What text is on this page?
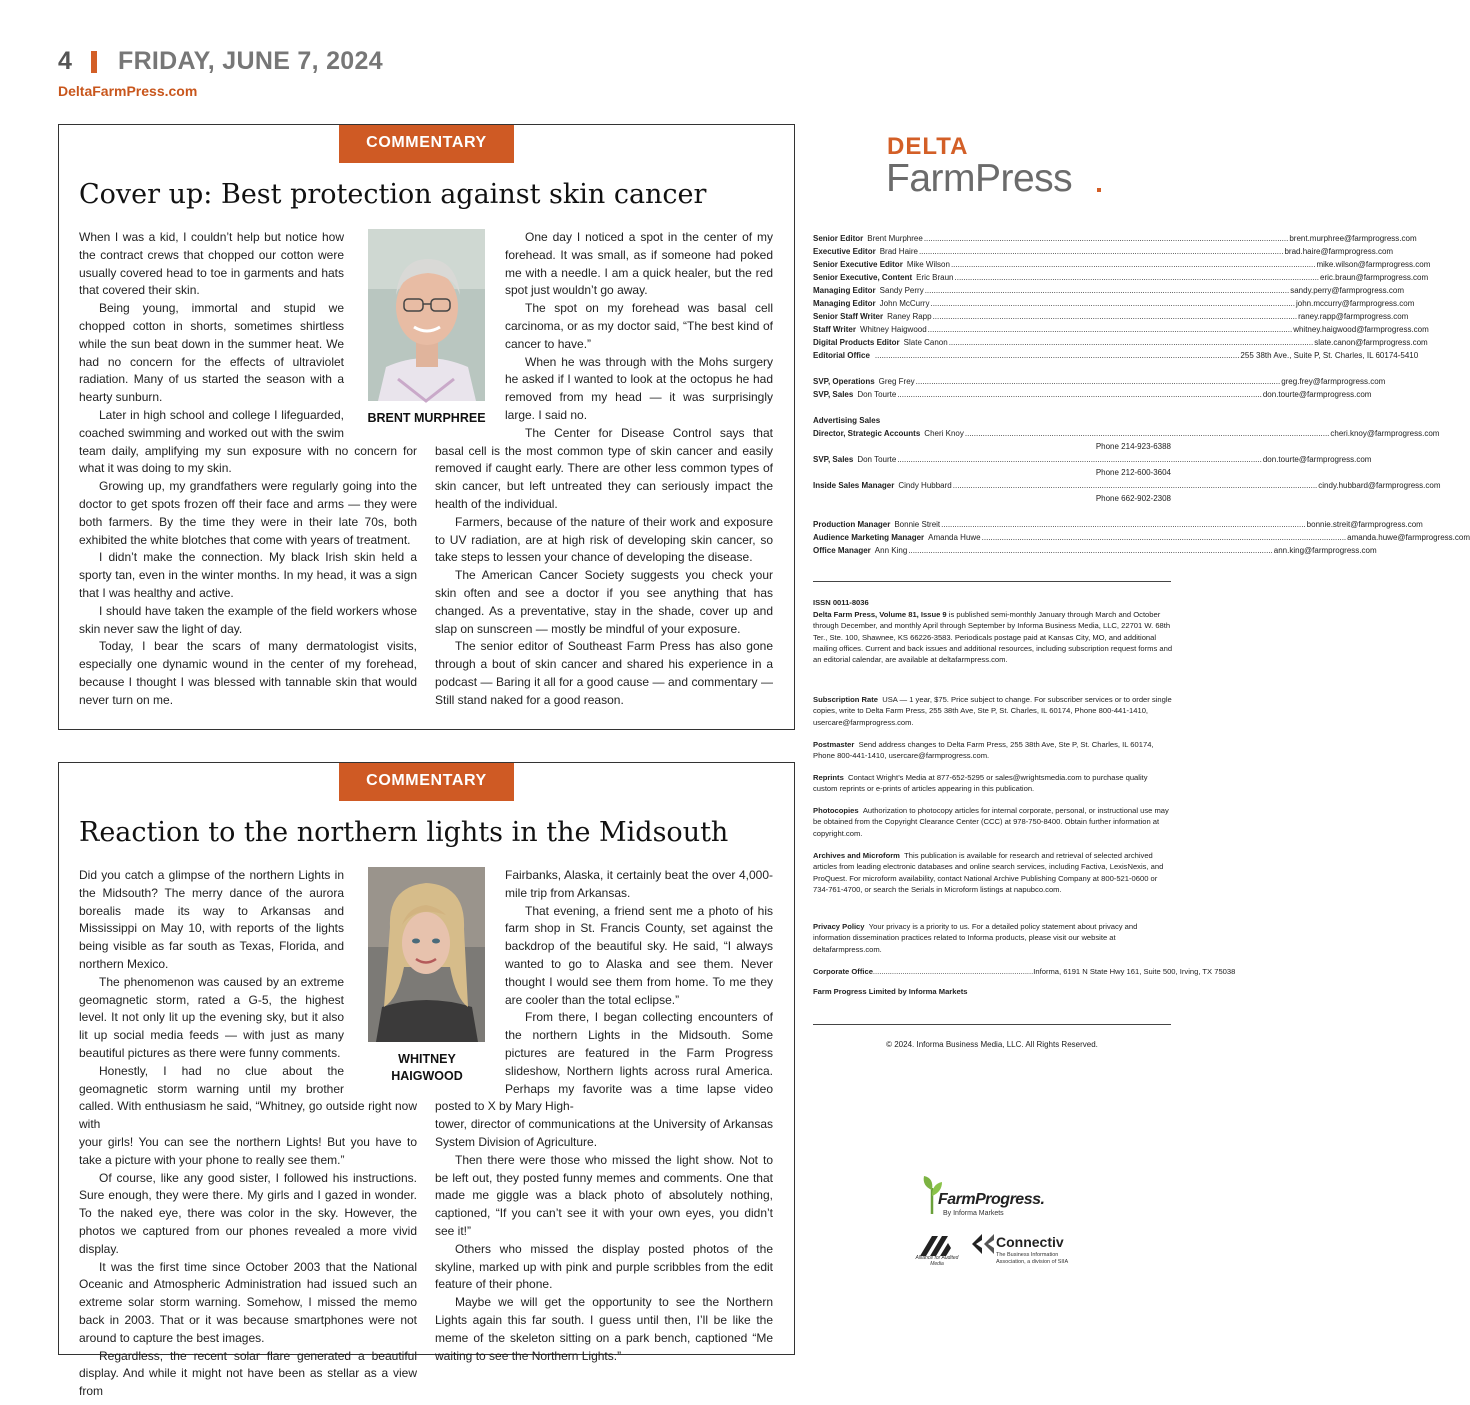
4 FRIDAY, JUNE 7, 2024
DeltaFarmPress.com
COMMENTARY
Cover up: Best protection against skin cancer

When I was a kid, I couldn’t help but notice how the contract crews that chopped our cotton were usually covered head to toe in garments and hats that covered their skin.

Being young, immortal and stupid we chopped cotton in shorts, sometimes shirtless while the sun beat down in the summer heat. We had no concern for the effects of ultraviolet radiation. Many of us started the season with a hearty sunburn.

Later in high school and college I lifeguarded, coached swimming and worked out with the swim team daily, amplifying my sun exposure with no concern for what it was doing to my skin.

Growing up, my grandfathers were regularly going into the doctor to get spots frozen off their face and arms — they were both farmers. By the time they were in their late 70s, both exhibited the white blotches that come with years of treatment.

I didn’t make the connection. My black Irish skin held a sporty tan, even in the winter months. In my head, it was a sign that I was healthy and active.

I should have taken the example of the field workers whose skin never saw the light of day.

Today, I bear the scars of many dermatologist visits, especially one dynamic wound in the center of my forehead, because I thought I was blessed with tannable skin that would never turn on me.

One day I noticed a spot in the center of my forehead. It was small, as if someone had poked me with a needle. I am a quick healer, but the red spot just wouldn’t go away.

The spot on my forehead was basal cell carcinoma, or as my doctor said, “The best kind of cancer to have.”

When he was through with the Mohs surgery he asked if I wanted to look at the octopus he had removed from my head — it was surprisingly large. I said no.

The Center for Disease Control says that basal cell is the most common type of skin cancer and easily removed if caught early. There are other less common types of skin cancer, but left untreated they can seriously impact the health of the individual.

Farmers, because of the nature of their work and exposure to UV radiation, are at high risk of developing skin cancer, so take steps to lessen your chance of developing the disease.

The American Cancer Society suggests you check your skin often and see a doctor if you see anything that has changed. As a preventative, stay in the shade, cover up and slap on sunscreen — mostly be mindful of your exposure.

The senior editor of Southeast Farm Press has also gone through a bout of skin cancer and shared his experience in a podcast — Baring it all for a good cause — and commentary — Still stand naked for a good reason.

BRENT MURPHREE
COMMENTARY
Reaction to the northern lights in the Midsouth

Did you catch a glimpse of the northern Lights in the Midsouth? The merry dance of the aurora borealis made its way to Arkansas and Mississippi on May 10, with reports of the lights being visible as far south as Texas, Florida, and northern Mexico.

The phenomenon was caused by an extreme geomagnetic storm, rated a G-5, the highest level. It not only lit up the evening sky, but it also lit up social media feeds — with just as many beautiful pictures as there were funny comments.

Honestly, I had no clue about the geomagnetic storm warning until my brother called. With enthusiasm he said, “Whitney, go outside right now with

your girls! You can see the northern Lights! But you have to take a picture with your phone to really see them.”

Of course, like any good sister, I followed his instructions. Sure enough, they were there. My girls and I gazed in wonder. To the naked eye, there was color in the sky. However, the photos we captured from our phones revealed a more vivid display.

It was the first time since October 2003 that the National Oceanic and Atmospheric Administration had issued such an extreme solar storm warning. Somehow, I missed the memo back in 2003. That or it was because smartphones were not around to capture the best images.

Regardless, the recent solar flare generated a beautiful display. And while it might not have been as stellar as a view from

Fairbanks, Alaska, it certainly beat the over 4,000-mile trip from Arkansas.

That evening, a friend sent me a photo of his farm shop in St. Francis County, set against the backdrop of the beautiful sky. He said, “I always wanted to go to Alaska and see them. Never thought I would see them from home. To me they are cooler than the total eclipse.”

From there, I began collecting encounters of the northern Lights in the Midsouth. Some pictures are featured in the Farm Progress slideshow, Northern lights across rural America. Perhaps my favorite was a time lapse video posted to X by Mary High-

tower, director of communications at the University of Arkansas System Division of Agriculture.

Then there were those who missed the light show. Not to be left out, they posted funny memes and comments. One that made me giggle was a black photo of absolutely nothing, captioned, “If you can’t see it with your own eyes, you didn’t see it!”

Others who missed the display posted photos of the skyline, marked up with pink and purple scribbles from the edit feature of their phone.

Maybe we will get the opportunity to see the Northern Lights again this far south. I guess until then, I’ll be like the meme of the skeleton sitting on a park bench, captioned “Me waiting to see the Northern Lights.”

WHITNEY
HAIGWOOD
DELTA
FarmPress
Senior Editor Brent Murphree .....	brent.murphree@farmprogress.com
Executive Editor Brad Haire .....	brad.haire@farmprogress.com
Senior Executive Editor Mike Wilson .....	mike.wilson@farmprogress.com
Senior Executive, Content Eric Braun .....	eric.braun@farmprogress.com
Managing Editor Sandy Perry .....	sandy.perry@farmprogress.com
Managing Editor John McCurry .....	john.mccurry@farmprogress.com
Senior Staff Writer Raney Rapp .....	raney.rapp@farmprogress.com
Staff Writer Whitney Haigwood .....	whitney.haigwood@farmprogress.com
Digital Products Editor Slate Canon .....	slate.canon@farmprogress.com
Editorial Office .....	255 38th Ave., Suite P, St. Charles, IL 60174-5410
SVP, Operations Greg Frey .....	greg.frey@farmprogress.com
SVP, Sales Don Tourte .....	don.tourte@farmprogress.com
Advertising Sales
Director, Strategic Accounts Cheri Knoy .....	cheri.knoy@farmprogress.com
Phone 214-923-6388
SVP, Sales Don Tourte .....	don.tourte@farmprogress.com
Phone 212-600-3604
Inside Sales Manager Cindy Hubbard .....	cindy.hubbard@farmprogress.com
Phone 662-902-2308
Production Manager Bonnie Streit .....	bonnie.streit@farmprogress.com
Audience Marketing Manager Amanda Huwe .....	amanda.huwe@farmprogress.com
Office Manager Ann King .....	ann.king@farmprogress.com
ISSN 0011-8036
Delta Farm Press, Volume 81, Issue 9 is published semi-monthly January through March and October through December, and monthly April through September by Informa Business Media, LLC, 22701 W. 68th Ter., Ste. 100, Shawnee, KS 66226-3583. Periodicals postage paid at Kansas City, MO, and additional mailing offices. Current and back issues and additional resources, including subscription request forms and an editorial calendar, are available at deltafarmpress.com.
Subscription Rate USA — 1 year, $75. Price subject to change. For subscriber services or to order single copies, write to Delta Farm Press, 255 38th Ave, Ste P, St. Charles, IL 60174, Phone 800-441-1410, usercare@farmprogress.com.
Postmaster Send address changes to Delta Farm Press, 255 38th Ave, Ste P, St. Charles, IL 60174, Phone 800-441-1410, usercare@farmprogress.com.
Reprints Contact Wright’s Media at 877-652-5295 or sales@wrightsmedia.com to purchase quality custom reprints or e-prints of articles appearing in this publication.
Photocopies Authorization to photocopy articles for internal corporate, personal, or instructional use may be obtained from the Copyright Clearance Center (CCC) at 978-750-8400. Obtain further information at copyright.com.
Archives and Microform This publication is available for research and retrieval of selected archived articles from leading electronic databases and online search services, including Factiva, LexisNexis, and ProQuest. For microform availability, contact National Archive Publishing Company at 800-521-0600 or 734-761-4700, or search the Serials in Microform listings at napubco.com.
Privacy Policy Your privacy is a priority to us. For a detailed policy statement about privacy and information dissemination practices related to Informa products, please visit our website at deltafarmpress.com.
Corporate Office ............................................................................ Informa, 6191 N State Hwy 161, Suite 500, Irving, TX 75038
Farm Progress Limited by Informa Markets
© 2024. Informa Business Media, LLC. All Rights Reserved.
FarmProgress.
By Informa Markets
Alliance for Audited Media
Connectiv
The Business Information Association, a division of SIIA
